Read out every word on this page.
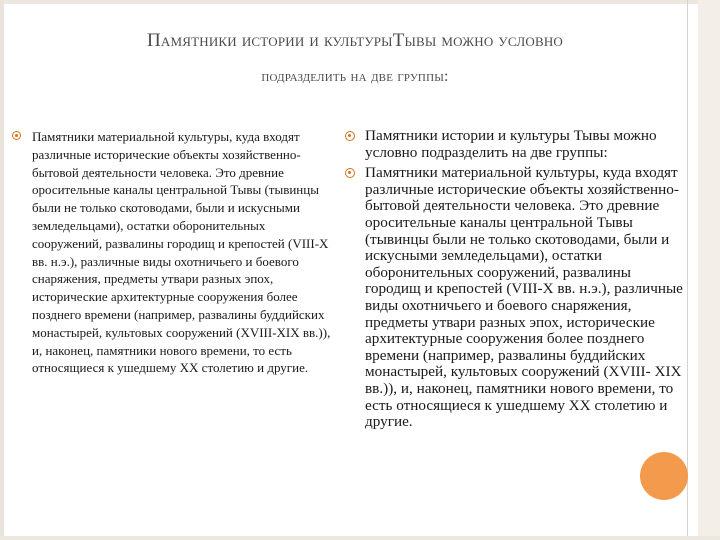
Памятники истории и культурыТывы можно условно
подразделить на две группы:

Памятники материальной культуры, куда входят различные исторические объекты хозяйственно-бытовой деятельности человека. Это древние оросительные каналы центральной Тывы (тывинцы были не только скотоводами, были и искусными земледельцами), остатки оборонительных сооружений, развалины городищ и крепостей (VIII-X вв. н.э.), различные виды охотничьего и боевого снаряжения, предметы утвари разных эпох, исторические архитектурные сооружения более позднего времени (например, развалины буддийских монастырей, культовых сооружений (XVIII-XIX вв.)), и, наконец, памятники нового времени, то есть относящиеся к ушедшему XX столетию и другие.

Памятники истории и культуры Тывы можно условно подразделить на две группы:

Памятники материальной культуры, куда входят различные исторические объекты хозяйственно-бытовой деятельности человека. Это древние оросительные каналы центральной Тывы (тывинцы были не только скотоводами, были и искусными земледельцами), остатки оборонительных сооружений, развалины городищ и крепостей (VIII-X вв. н.э.), различные виды охотничьего и боевого снаряжения, предметы утвари разных эпох, исторические архитектурные сооружения более позднего времени (например, развалины буддийских монастырей, культовых сооружений (XVIII- XIX вв.)), и, наконец, памятники нового времени, то есть относящиеся к ушедшему XX столетию и другие.
